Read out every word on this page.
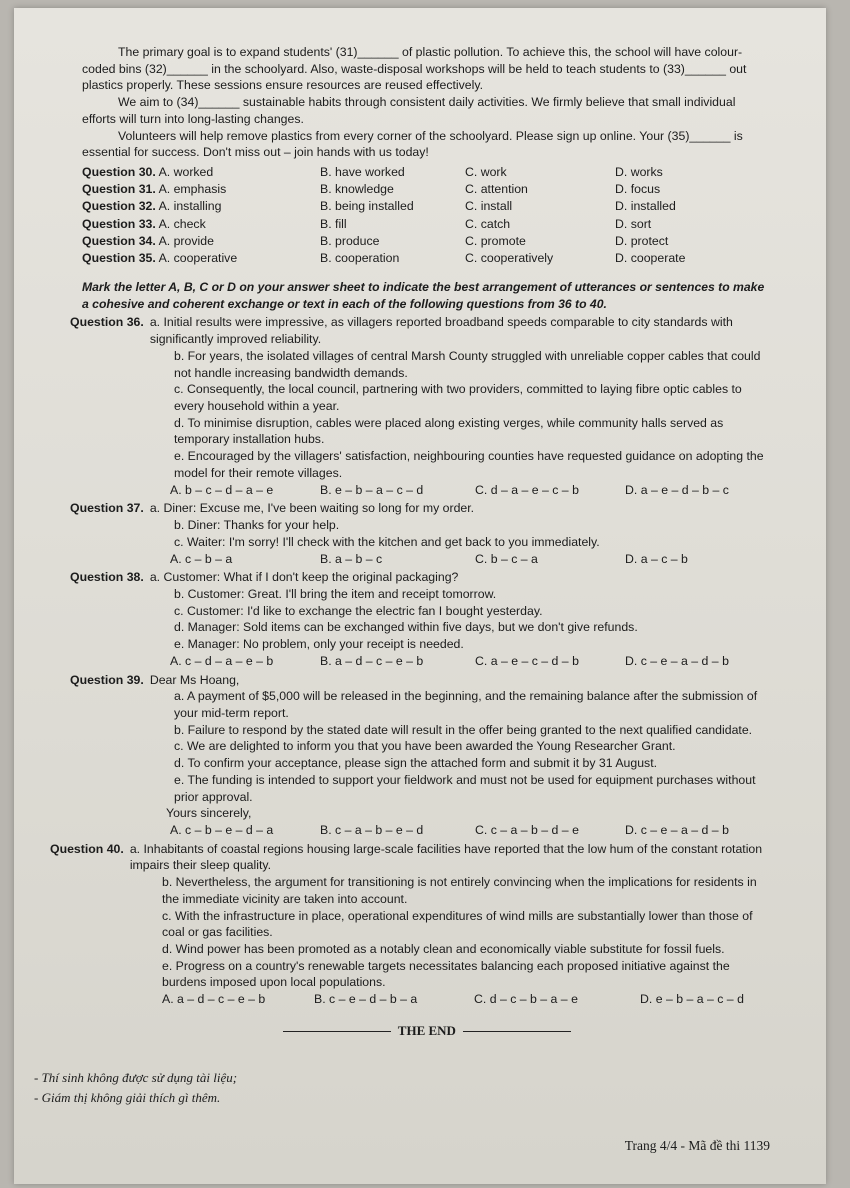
The primary goal is to expand students' (31)______ of plastic pollution. To achieve this, the school will have colour-coded bins (32)______ in the schoolyard. Also, waste-disposal workshops will be held to teach students to (33)______ out plastics properly. These sessions ensure resources are reused effectively.

We aim to (34)______ sustainable habits through consistent daily activities. We firmly believe that small individual efforts will turn into long-lasting changes.

Volunteers will help remove plastics from every corner of the schoolyard. Please sign up online. Your (35)______ is essential for success. Don't miss out – join hands with us today!

Question 30. A. worked	B. have worked	C. work	D. works
Question 31. A. emphasis	B. knowledge	C. attention	D. focus
Question 32. A. installing	B. being installed	C. install	D. installed
Question 33. A. check	B. fill	C. catch	D. sort
Question 34. A. provide	B. produce	C. promote	D. protect
Question 35. A. cooperative	B. cooperation	C. cooperatively	D. cooperate

Mark the letter A, B, C or D on your answer sheet to indicate the best arrangement of utterances or sentences to make a cohesive and coherent exchange or text in each of the following questions from 36 to 40.

Question 36. a. Initial results were impressive, as villagers reported broadband speeds comparable to city standards with significantly improved reliability.

b. For years, the isolated villages of central Marsh County struggled with unreliable copper cables that could not handle increasing bandwidth demands.

c. Consequently, the local council, partnering with two providers, committed to laying fibre optic cables to every household within a year.

d. To minimise disruption, cables were placed along existing verges, while community halls served as temporary installation hubs.

e. Encouraged by the villagers' satisfaction, neighbouring counties have requested guidance on adopting the model for their remote villages.

A. b – c – d – a – e	B. e – b – a – c – d	C. d – a – e – c – b	D. a – e – d – b – c
Question 37. a. Diner: Excuse me, I've been waiting so long for my order.

b. Diner: Thanks for your help.

c. Waiter: I'm sorry! I'll check with the kitchen and get back to you immediately.

A. c – b – a	B. a – b – c	C. b – c – a	D. a – c – b
Question 38. a. Customer: What if I don't keep the original packaging?

b. Customer: Great. I'll bring the item and receipt tomorrow.

c. Customer: I'd like to exchange the electric fan I bought yesterday.

d. Manager: Sold items can be exchanged within five days, but we don't give refunds.

e. Manager: No problem, only your receipt is needed.

A. c – d – a – e – b	B. a – d – c – e – b	C. a – e – c – d – b	D. c – e – a – d – b
Question 39. Dear Ms Hoang,

a. A payment of $5,000 will be released in the beginning, and the remaining balance after the submission of your mid-term report.

b. Failure to respond by the stated date will result in the offer being granted to the next qualified candidate.

c. We are delighted to inform you that you have been awarded the Young Researcher Grant.

d. To confirm your acceptance, please sign the attached form and submit it by 31 August.

e. The funding is intended to support your fieldwork and must not be used for equipment purchases without prior approval.

Yours sincerely,

A. c – b – e – d – a	B. c – a – b – e – d	C. c – a – b – d – e	D. c – e – a – d – b
Question 40. a. Inhabitants of coastal regions housing large-scale facilities have reported that the low hum of the constant rotation impairs their sleep quality.

b. Nevertheless, the argument for transitioning is not entirely convincing when the implications for residents in the immediate vicinity are taken into account.

c. With the infrastructure in place, operational expenditures of wind mills are substantially lower than those of coal or gas facilities.

d. Wind power has been promoted as a notably clean and economically viable substitute for fossil fuels.

e. Progress on a country's renewable targets necessitates balancing each proposed initiative against the burdens imposed upon local populations.

A. a – d – c – e – b	B. c – e – d – b – a	C. d – c – b – a – e	D. e – b – a – c – d
THE END
- Thí sinh không được sử dụng tài liệu;
- Giám thị không giải thích gì thêm.
Trang 4/4 - Mã đề thi 1139
